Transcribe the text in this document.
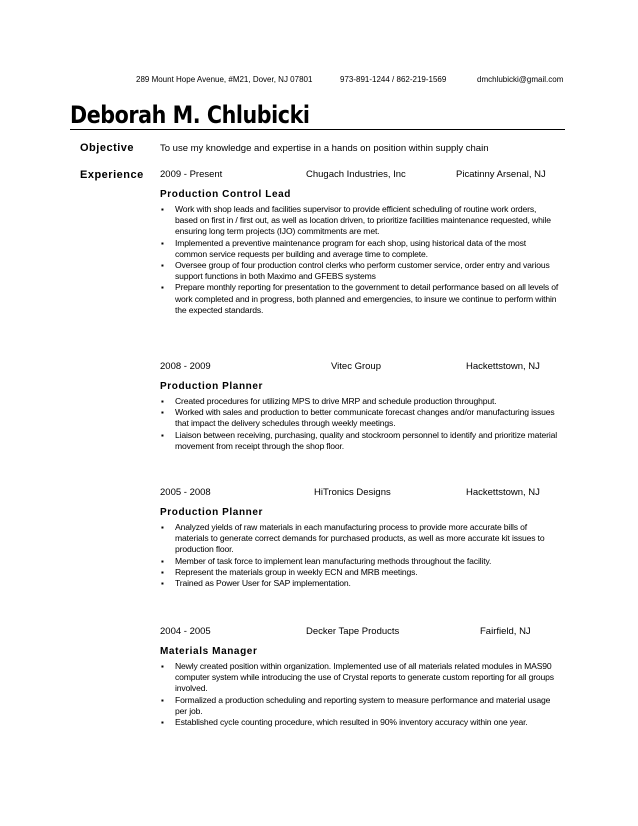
289 Mount Hope Avenue, #M21, Dover, NJ 07801	973-891-1244 / 862-219-1569	dmchlubicki@gmail.com
Deborah M. Chlubicki
Objective	To use my knowledge and expertise in a hands on position within supply chain
Experience 2009 - Present	Chugach Industries, Inc	Picatinny Arsenal, NJ
Production Control Lead
▪ Work with shop leads and facilities supervisor to provide efficient scheduling of routine work orders, based on first in / first out, as well as location driven, to prioritize facilities maintenance requested, while ensuring long term projects (IJO) commitments are met.
▪ Implemented a preventive maintenance program for each shop, using historical data of the most common service requests per building and average time to complete.
▪ Oversee group of four production control clerks who perform customer service, order entry and various support functions in both Maximo and GFEBS systems
▪ Prepare monthly reporting for presentation to the government to detail performance based on all levels of work completed and in progress, both planned and emergencies, to insure we continue to perform within the expected standards.
2008 - 2009	Vitec Group	Hackettstown, NJ
Production Planner
▪ Created procedures for utilizing MPS to drive MRP and schedule production throughput.
▪ Worked with sales and production to better communicate forecast changes and/or manufacturing issues that impact the delivery schedules through weekly meetings.
▪ Liaison between receiving, purchasing, quality and stockroom personnel to identify and prioritize material movement from receipt through the shop floor.
2005 - 2008	HiTronics Designs	Hackettstown, NJ
Production Planner
▪ Analyzed yields of raw materials in each manufacturing process to provide more accurate bills of materials to generate correct demands for purchased products, as well as more accurate kit issues to production floor.
▪ Member of task force to implement lean manufacturing methods throughout the facility.
▪ Represent the materials group in weekly ECN and MRB meetings.
▪ Trained as Power User for SAP implementation.
2004 - 2005	Decker Tape Products	Fairfield, NJ
Materials Manager
▪ Newly created position within organization. Implemented use of all materials related modules in MAS90 computer system while introducing the use of Crystal reports to generate custom reporting for all groups involved.
▪ Formalized a production scheduling and reporting system to measure performance and material usage per job.
▪ Established cycle counting procedure, which resulted in 90% inventory accuracy within one year.
